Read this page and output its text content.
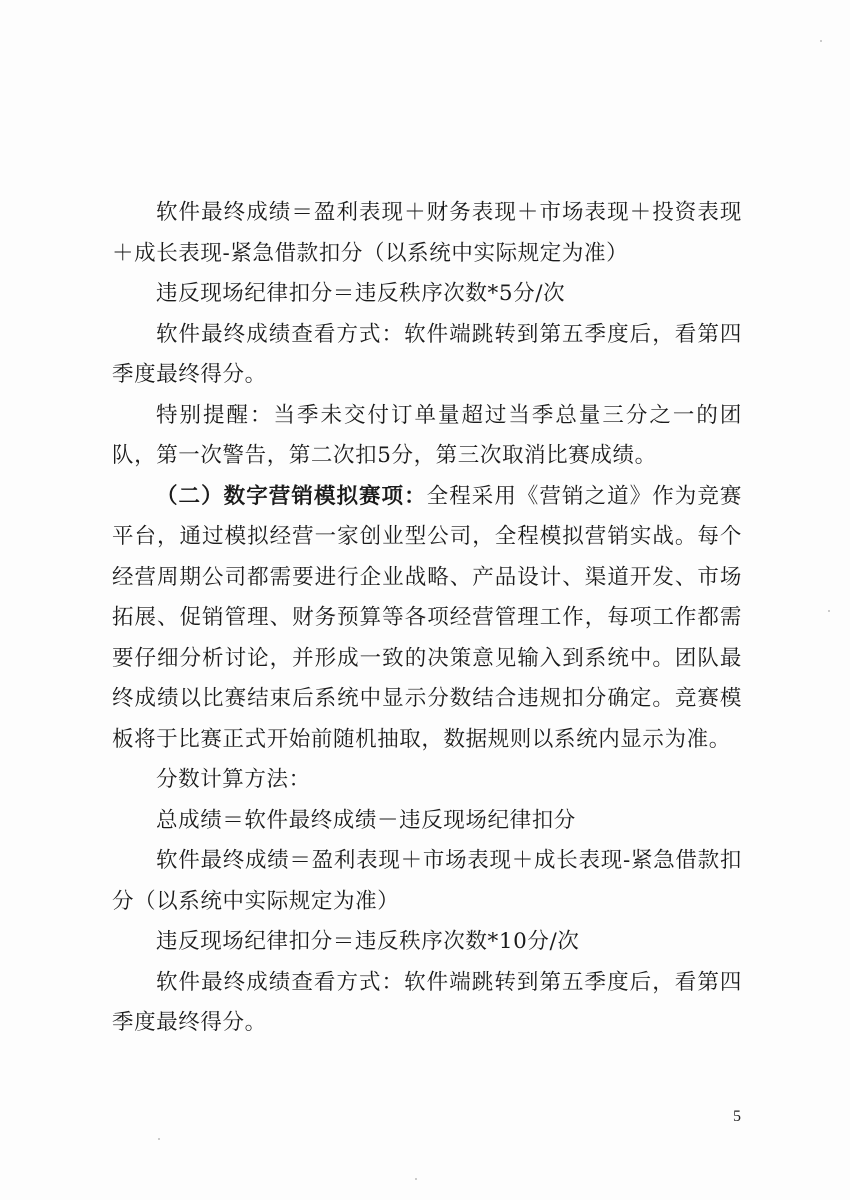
软件最终成绩＝盈利表现＋财务表现＋市场表现＋投资表现＋成长表现-紧急借款扣分（以系统中实际规定为准）

违反现场纪律扣分＝违反秩序次数*5分/次

软件最终成绩查看方式：软件端跳转到第五季度后，看第四季度最终得分。

特别提醒：当季未交付订单量超过当季总量三分之一的团队，第一次警告，第二次扣5分，第三次取消比赛成绩。

（二）数字营销模拟赛项：全程采用《营销之道》作为竞赛平台，通过模拟经营一家创业型公司，全程模拟营销实战。每个经营周期公司都需要进行企业战略、产品设计、渠道开发、市场拓展、促销管理、财务预算等各项经营管理工作，每项工作都需要仔细分析讨论，并形成一致的决策意见输入到系统中。团队最终成绩以比赛结束后系统中显示分数结合违规扣分确定。竞赛模板将于比赛正式开始前随机抽取，数据规则以系统内显示为准。

分数计算方法：

总成绩＝软件最终成绩－违反现场纪律扣分

软件最终成绩＝盈利表现＋市场表现＋成长表现-紧急借款扣分（以系统中实际规定为准）

违反现场纪律扣分＝违反秩序次数*10分/次

软件最终成绩查看方式：软件端跳转到第五季度后，看第四季度最终得分。

5
